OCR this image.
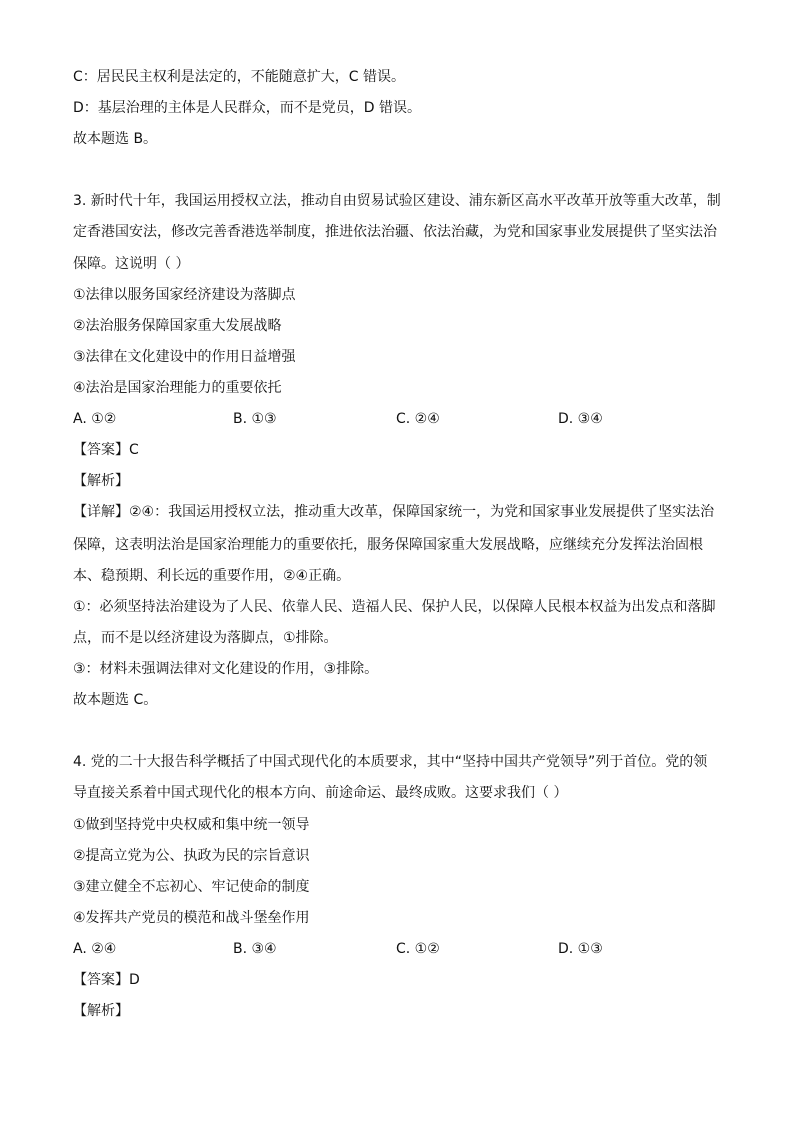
C：居民民主权利是法定的，不能随意扩大，C 错误。
D：基层治理的主体是人民群众，而不是党员，D 错误。
故本题选 B。
3. 新时代十年，我国运用授权立法，推动自由贸易试验区建设、浦东新区高水平改革开放等重大改革，制
定香港国安法，修改完善香港选举制度，推进依法治疆、依法治藏，为党和国家事业发展提供了坚实法治
保障。这说明（ ）
①法律以服务国家经济建设为落脚点
②法治服务保障国家重大发展战略
③法律在文化建设中的作用日益增强
④法治是国家治理能力的重要依托
A. ①②	B. ①③	C. ②④	D. ③④
【答案】C
【解析】
【详解】②④：我国运用授权立法，推动重大改革，保障国家统一，为党和国家事业发展提供了坚实法治
保障，这表明法治是国家治理能力的重要依托，服务保障国家重大发展战略，应继续充分发挥法治固根
本、稳预期、利长远的重要作用，②④正确。
①：必须坚持法治建设为了人民、依靠人民、造福人民、保护人民，以保障人民根本权益为出发点和落脚
点，而不是以经济建设为落脚点，①排除。
③：材料未强调法律对文化建设的作用，③排除。
故本题选 C。
4. 党的二十大报告科学概括了中国式现代化的本质要求，其中“坚持中国共产党领导”列于首位。党的领
导直接关系着中国式现代化的根本方向、前途命运、最终成败。这要求我们（ ）
①做到坚持党中央权威和集中统一领导
②提高立党为公、执政为民的宗旨意识
③建立健全不忘初心、牢记使命的制度
④发挥共产党员的模范和战斗堡垒作用
A. ②④	B. ③④	C. ①②	D. ①③
【答案】D
【解析】
